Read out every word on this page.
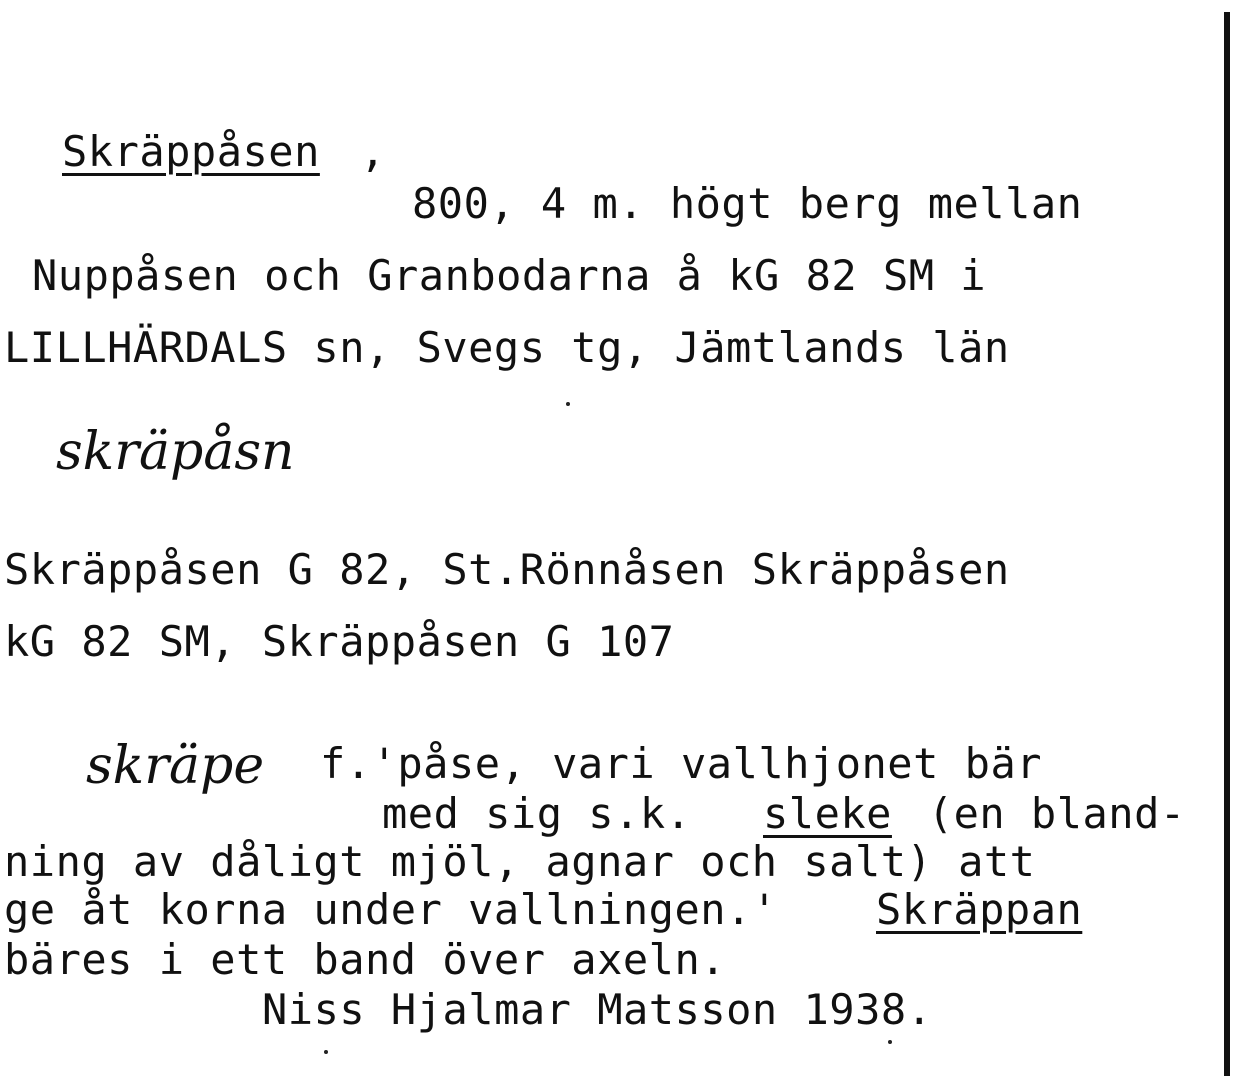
Skräppåsen ,
800, 4 m. högt berg mellan
Nuppåsen och Granbodarna å kG 82 SM i
LILLHÄRDALS sn, Svegs tg, Jämtlands län
skräpåsn
Skräppåsen G 82, St.Rönnåsen Skräppåsen
kG 82 SM, Skräppåsen G 107
skräpe f.'påse, vari vallhjonet bär
med sig s.k. sleke (en bland-
ning av dåligt mjöl, agnar och salt) att
ge åt korna under vallningen.' Skräppan
bäres i ett band över axeln.
Niss Hjalmar Matsson 1938.
